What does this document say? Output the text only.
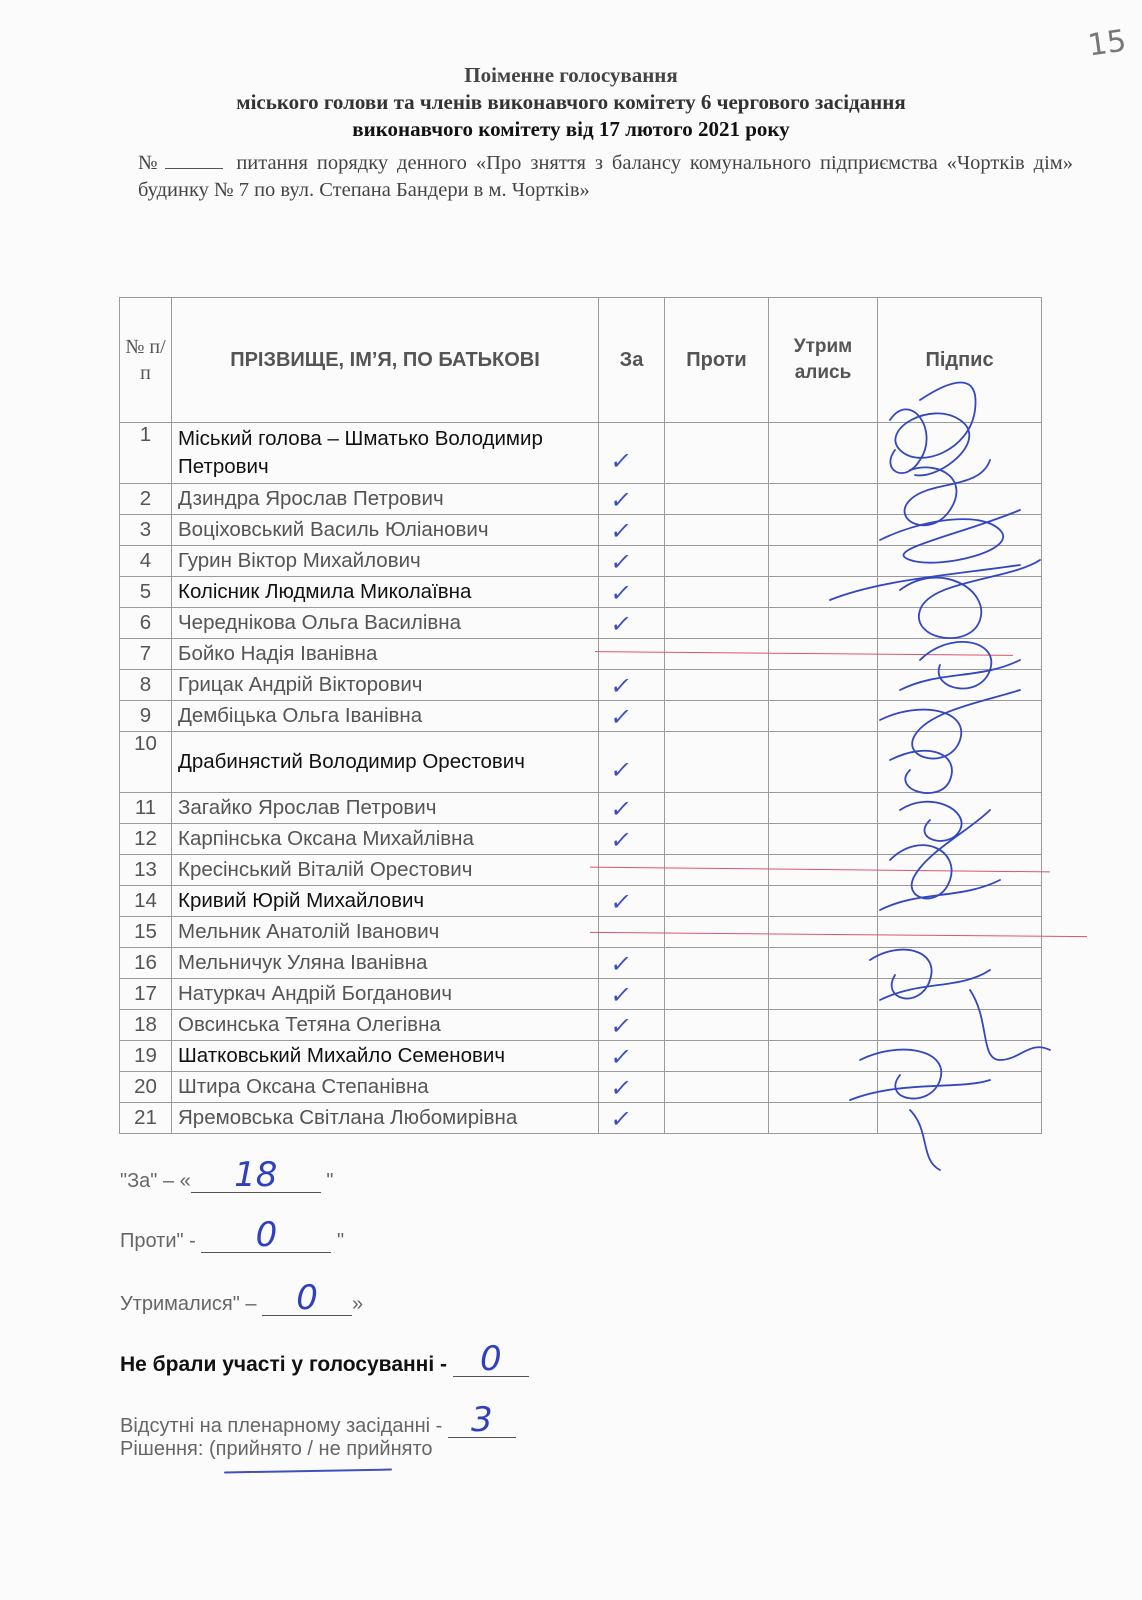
15
Поіменне голосування
міського голови та членів виконавчого комітету 6 чергового засідання
виконавчого комітету від 17 лютого 2021 року
№	питання порядку денного «Про зняття з балансу комунального підприємства «Чортків дім» будинку № 7 по вул. Степана Бандери в м. Чортків»
№ п/п	ПРІЗВИЩЕ, ІМ’Я, ПО БАТЬКОВІ	За	Проти	Утрим ались	Підпис
1	Міський голова – Шматько Володимир Петрович	✓			

2	Дзиндра Ярослав Петрович	✓			

3	Воціховський Василь Юліанович	✓			

4	Гурин Віктор Михайлович	✓			

5	Колісник Людмила Миколаївна	✓			

6	Череднікова Ольга Василівна	✓			

7	Бойко Надія Іванівна				
8	Грицак Андрій Вікторович	✓			

9	Дембіцька Ольга Іванівна	✓			

10	Драбинястий Володимир Орестович	✓			

11	Загайко Ярослав Петрович	✓			

12	Карпінська Оксана Михайлівна	✓			

13	Кресінський Віталій Орестович				
14	Кривий Юрій Михайлович	✓			

15	Мельник Анатолій Іванович				
16	Мельничук Уляна Іванівна	✓			

17	Натуркач Андрій Богданович	✓			

18	Овсинська Тетяна Олегівна	✓			

19	Шатковський Михайло Семенович	✓			

20	Штира Оксана Степанівна	✓			

21	Яремовська Світлана Любомирівна	✓			

"За" – « 18 "
Проти" - 0	"
Утрималися" – 0 »
Не брали участі у голосуванні - 0
Відсутні на пленарному засіданні - 3
Рішення: (прийнято / не прийнято
